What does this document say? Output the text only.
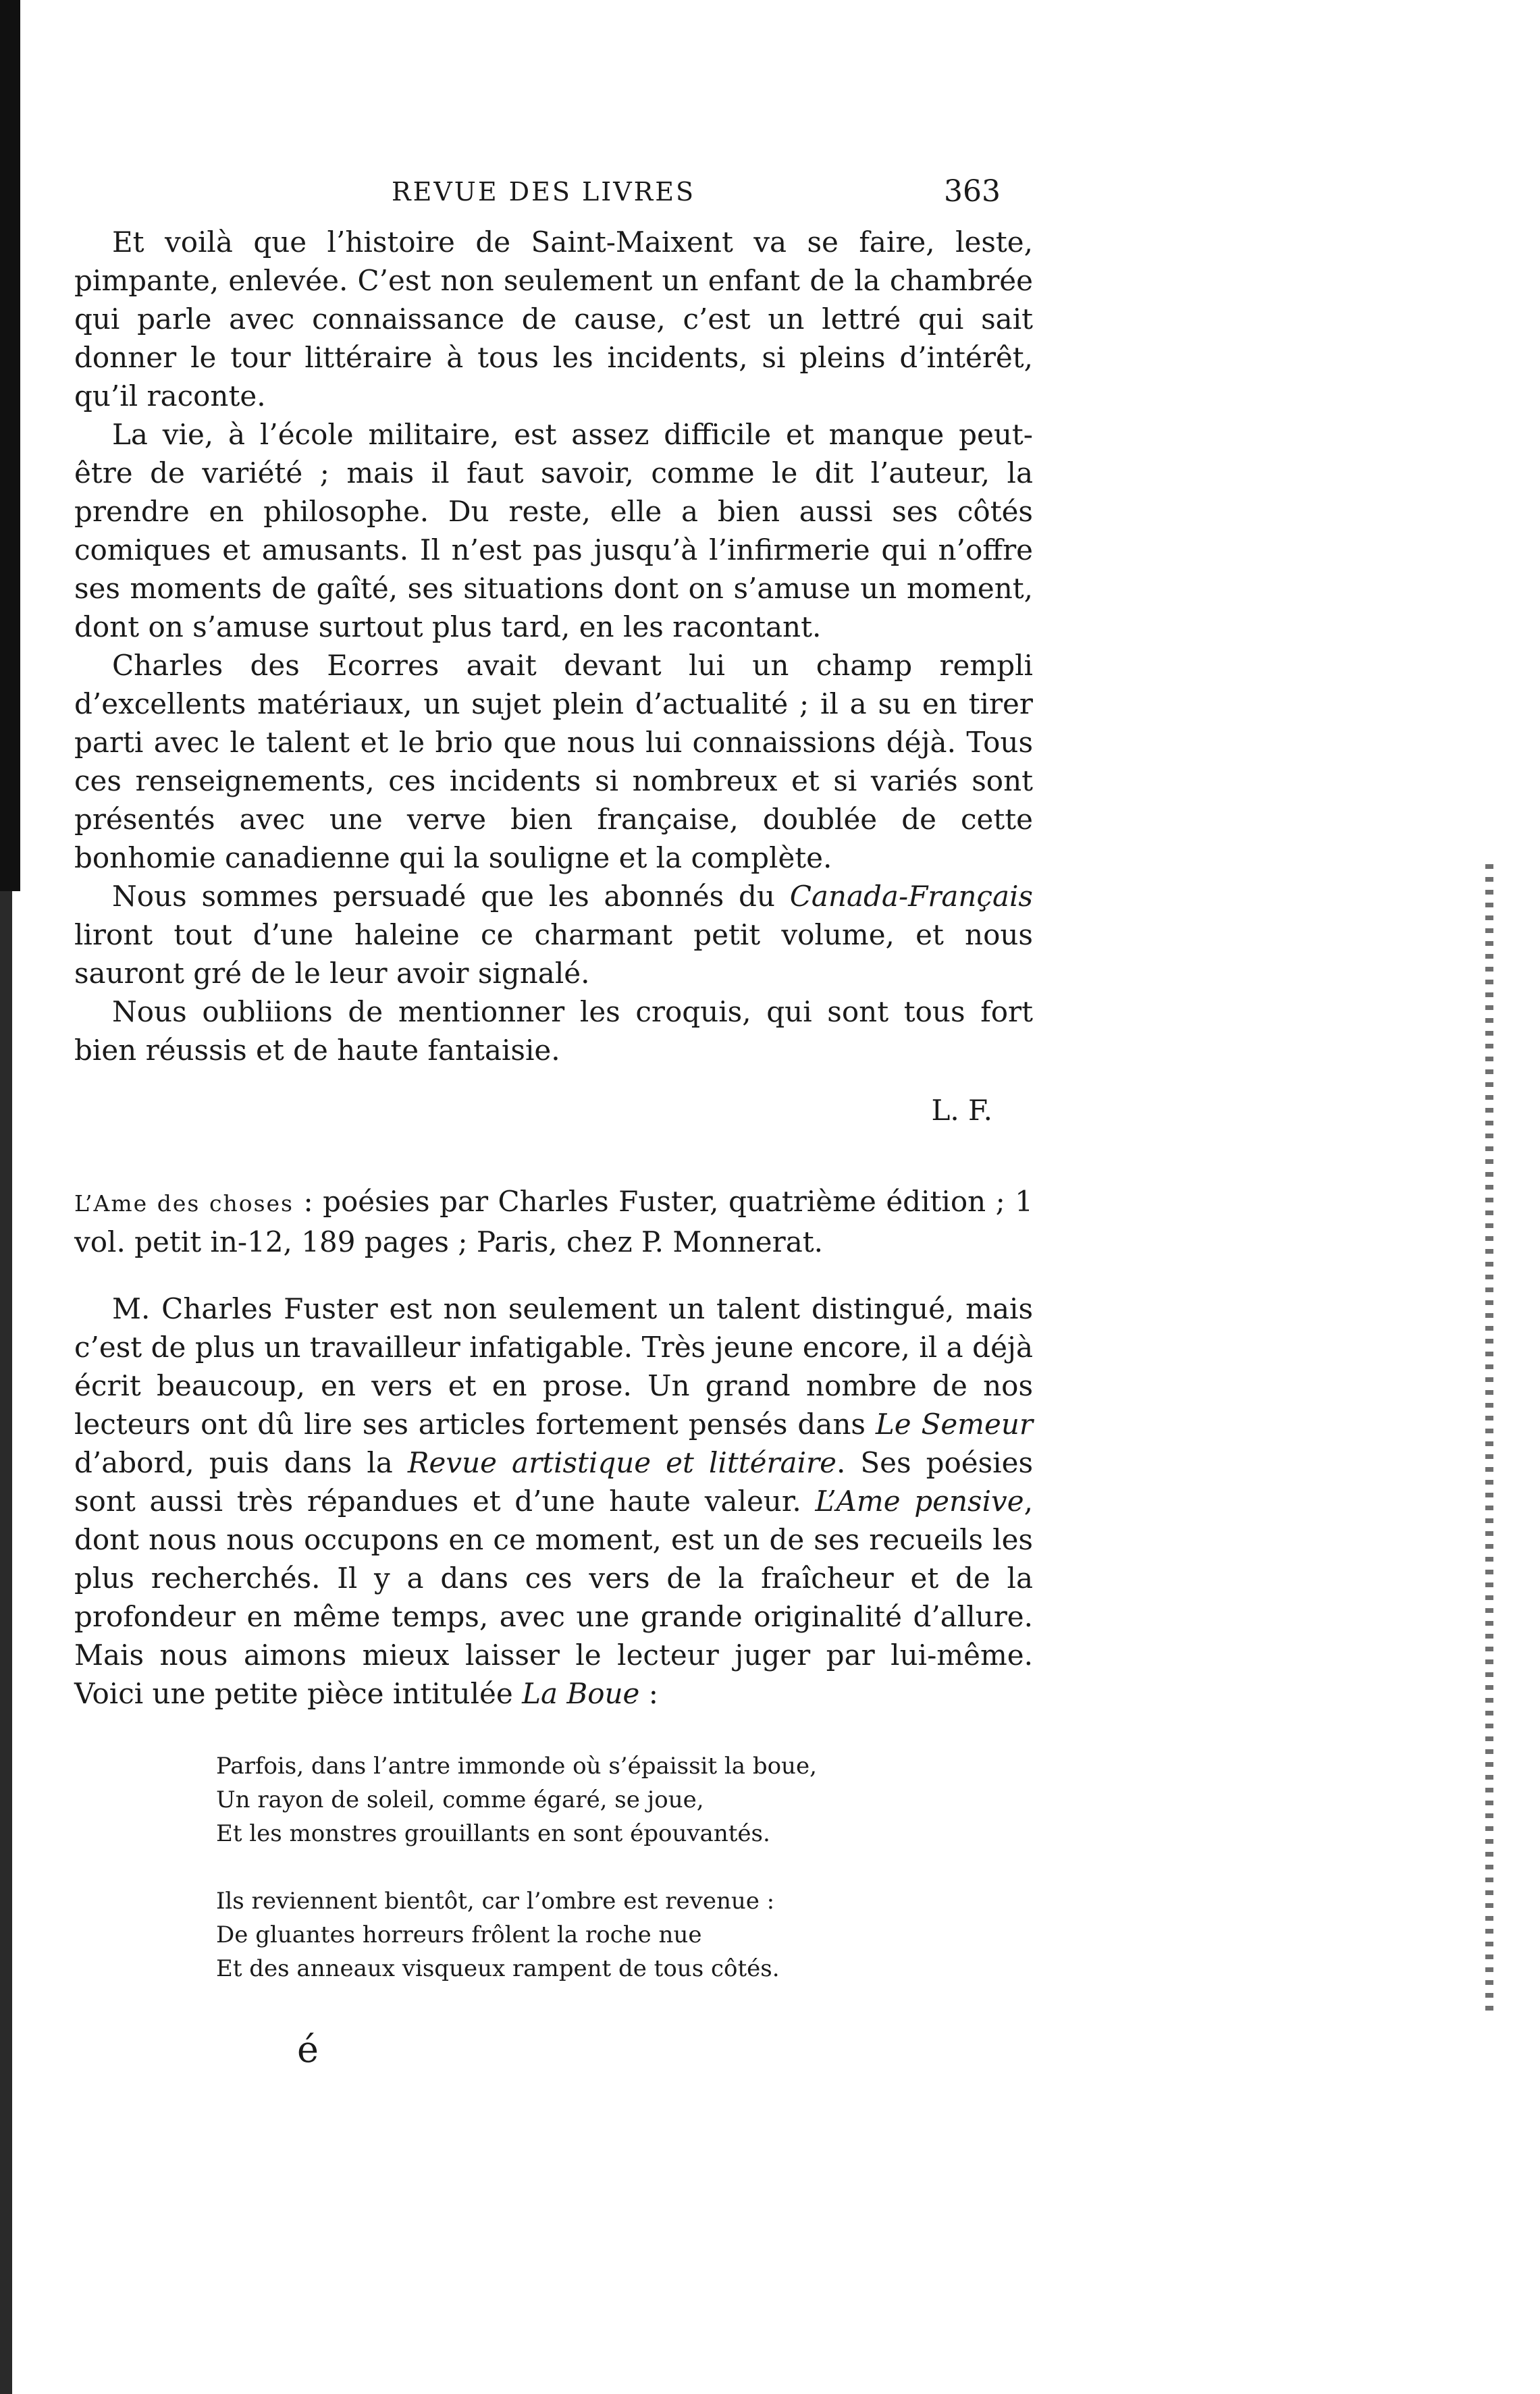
REVUE DES LIVRES	363

Et voilà que l’histoire de Saint-Maixent va se faire, leste, pimpante, enlevée. C’est non seulement un enfant de la chambrée qui parle avec connaissance de cause, c’est un lettré qui sait donner le tour littéraire à tous les incidents, si pleins d’intérêt, qu’il raconte.

La vie, à l’école militaire, est assez difficile et manque peut-être de variété ; mais il faut savoir, comme le dit l’auteur, la prendre en philosophe. Du reste, elle a bien aussi ses côtés comiques et amusants. Il n’est pas jusqu’à l’infirmerie qui n’offre ses moments de gaîté, ses situations dont on s’amuse un moment, dont on s’amuse surtout plus tard, en les racontant.

Charles des Ecorres avait devant lui un champ rempli d’excellents matériaux, un sujet plein d’actualité ; il a su en tirer parti avec le talent et le brio que nous lui connaissions déjà. Tous ces renseignements, ces incidents si nombreux et si variés sont présentés avec une verve bien française, doublée de cette bonhomie canadienne qui la souligne et la complète.

Nous sommes persuadé que les abonnés du Canada-Français liront tout d’une haleine ce charmant petit volume, et nous sauront gré de le leur avoir signalé.

Nous oubliions de mentionner les croquis, qui sont tous fort bien réussis et de haute fantaisie.

L. F.

L’Ame des choses : poésies par Charles Fuster, quatrième édition ; 1 vol. petit in-12, 189 pages ; Paris, chez P. Monnerat.

M. Charles Fuster est non seulement un talent distingué, mais c’est de plus un travailleur infatigable. Très jeune encore, il a déjà écrit beaucoup, en vers et en prose. Un grand nombre de nos lecteurs ont dû lire ses articles fortement pensés dans Le Semeur d’abord, puis dans la Revue artistique et littéraire. Ses poésies sont aussi très répandues et d’une haute valeur. L’Ame pensive, dont nous nous occupons en ce moment, est un de ses recueils les plus recherchés. Il y a dans ces vers de la fraîcheur et de la profondeur en même temps, avec une grande originalité d’allure. Mais nous aimons mieux laisser le lecteur juger par lui-même. Voici une petite pièce intitulée La Boue :

Parfois, dans l’antre immonde où s’épaissit la boue,
Un rayon de soleil, comme égaré, se joue,
Et les monstres grouillants en sont épouvantés.
Ils reviennent bientôt, car l’ombre est revenue :
De gluantes horreurs frôlent la roche nue
Et des anneaux visqueux rampent de tous côtés.
é
